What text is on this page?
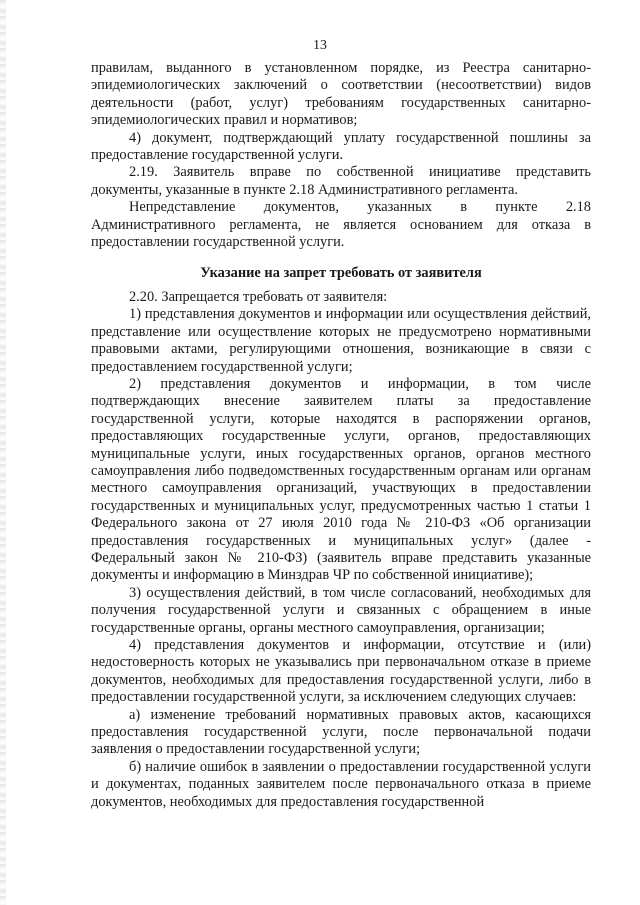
13

правилам, выданного в установленном порядке, из Реестра санитарно-эпидемиологических заключений о соответствии (несоответствии) видов деятельности (работ, услуг) требованиям государственных санитарно-эпидемиологических правил и нормативов;

4) документ, подтверждающий уплату государственной пошлины за предоставление государственной услуги.

2.19. Заявитель вправе по собственной инициативе представить документы, указанные в пункте 2.18 Административного регламента.

Непредставление документов, указанных в пункте 2.18 Административного регламента, не является основанием для отказа в предоставлении государственной услуги.

Указание на запрет требовать от заявителя

2.20. Запрещается требовать от заявителя:

1) представления документов и информации или осуществления действий, представление или осуществление которых не предусмотрено нормативными правовыми актами, регулирующими отношения, возникающие в связи с предоставлением государственной услуги;

2) представления документов и информации, в том числе подтверждающих внесение заявителем платы за предоставление государственной услуги, которые находятся в распоряжении органов, предоставляющих государственные услуги, органов, предоставляющих муниципальные услуги, иных государственных органов, органов местного самоуправления либо подведомственных государственным органам или органам местного самоуправления организаций, участвующих в предоставлении государственных и муниципальных услуг, предусмотренных частью 1 статьи 1 Федерального закона от 27 июля 2010 года № 210-ФЗ «Об организации предоставления государственных и муниципальных услуг» (далее - Федеральный закон № 210-ФЗ) (заявитель вправе представить указанные документы и информацию в Минздрав ЧР по собственной инициативе);

3) осуществления действий, в том числе согласований, необходимых для получения государственной услуги и связанных с обращением в иные государственные органы, органы местного самоуправления, организации;

4) представления документов и информации, отсутствие и (или) недостоверность которых не указывались при первоначальном отказе в приеме документов, необходимых для предоставления государственной услуги, либо в предоставлении государственной услуги, за исключением следующих случаев:

а) изменение требований нормативных правовых актов, касающихся предоставления государственной услуги, после первоначальной подачи заявления о предоставлении государственной услуги;

б) наличие ошибок в заявлении о предоставлении государственной услуги и документах, поданных заявителем после первоначального отказа в приеме документов, необходимых для предоставления государственной
